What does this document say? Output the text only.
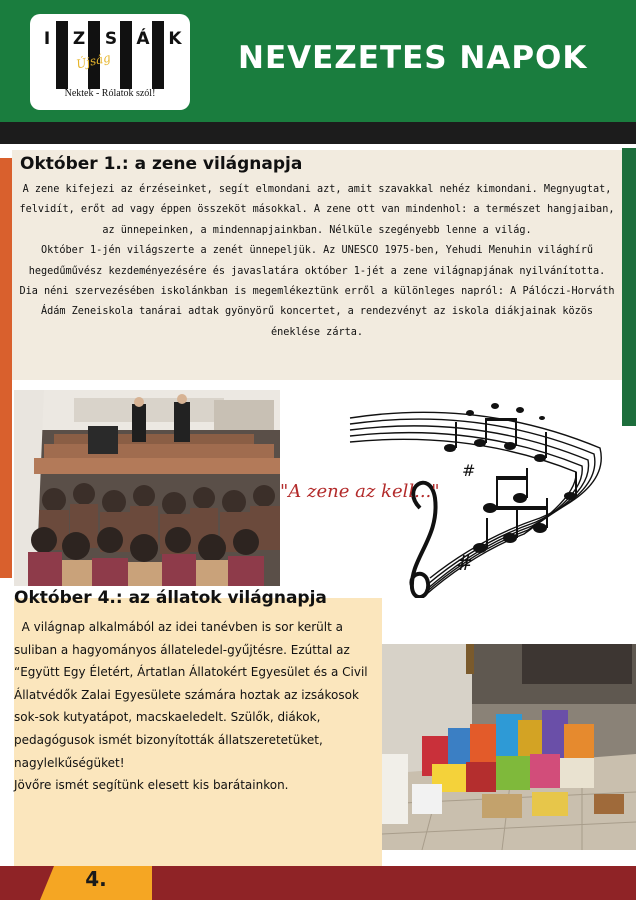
I	Z S Á K
Újság
Nektek - Rólatok szól!
NEVEZETES NAPOK
Október 1.: a zene világnapja

A zene kifejezi az érzéseinket, segít elmondani azt, amit szavakkal nehéz kimondani. Megnyugtat, felvidít, erőt ad vagy éppen összeköt másokkal. A zene ott van mindenhol: a természet hangjaiban, az ünnepeinken, a mindennapjainkban. Nélküle szegényebb lenne a világ.

Október 1-jén világszerte a zenét ünnepeljük. Az UNESCO 1975-ben, Yehudi Menuhin világhírű hegedűművész kezdeményezésére és javaslatára október 1-jét a zene világnapjának nyilvánította.

Dia néni szervezésében iskolánkban is megemlékeztünk erről a különleges napról: A Pálóczi-Horváth Ádám Zeneiskola tanárai adtak gyönyörű koncertet, a rendezvényt az iskola diákjainak közös éneklése zárta.

#
#
"A zene az kell..."
Október 4.: az állatok világnapja

A világnap alkalmából az idei tanévben is sor került a suliban a hagyományos állateledel-gyűjtésre. Ezúttal az “Együtt Egy Életért, Ártatlan Állatokért Egyesület és a Civil Állatvédők Zalai Egyesülete számára hoztak az izsákosok sok-sok kutyatápot, macskaeledelt. Szülők, diákok, pedagógusok ismét bizonyították állatszeretetüket, nagylelkűségüket!

Jövőre ismét segítünk elesett kis barátainkon.

4.
